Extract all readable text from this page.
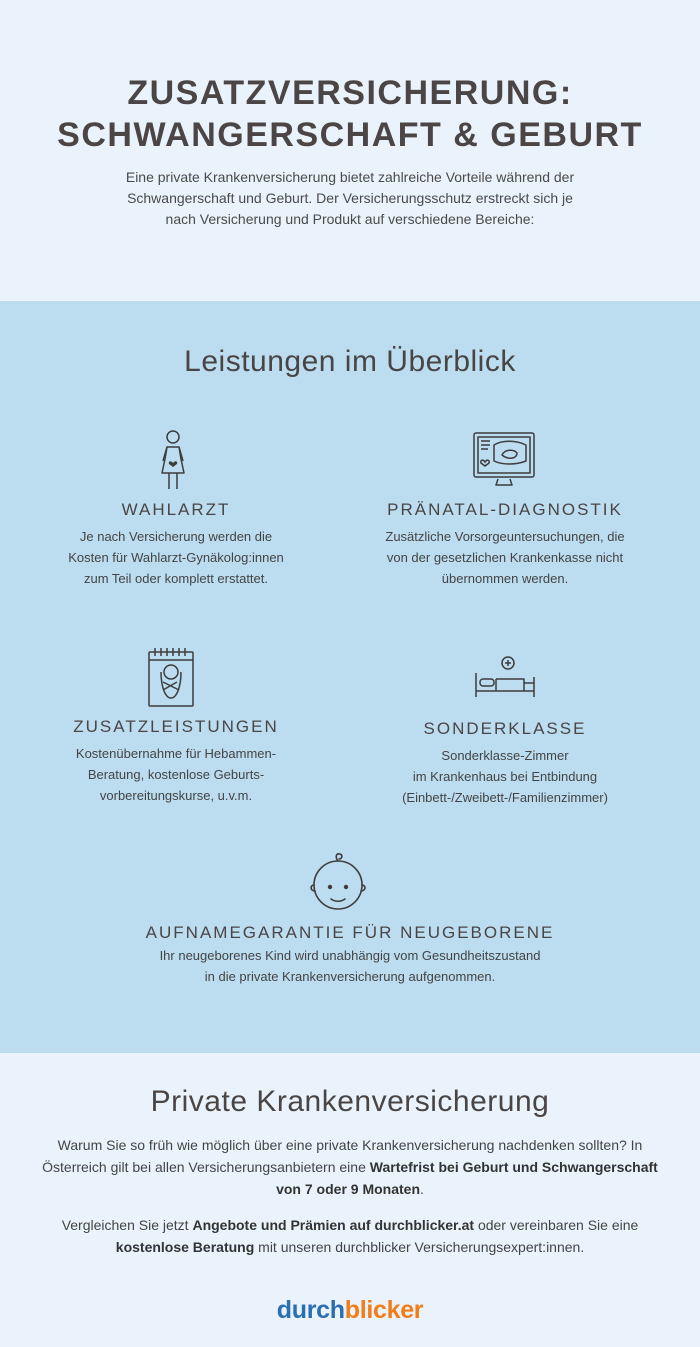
ZUSATZVERSICHERUNG:
SCHWANGERSCHAFT & GEBURT
Eine private Krankenversicherung bietet zahlreiche Vorteile während der Schwangerschaft und Geburt. Der Versicherungsschutz erstreckt sich je nach Versicherung und Produkt auf verschiedene Bereiche:
Leistungen im Überblick
WAHLARZT
Je nach Versicherung werden die
Kosten für Wahlarzt-Gynäkolog:innen
zum Teil oder komplett erstattet.
PRÄNATAL-DIAGNOSTIK
Zusätzliche Vorsorgeuntersuchungen, die
von der gesetzlichen Krankenkasse nicht
übernommen werden.
ZUSATZLEISTUNGEN
Kostenübernahme für Hebammen-
Beratung, kostenlose Geburts-
vorbereitungskurse, u.v.m.
SONDERKLASSE
Sonderklasse-Zimmer
im Krankenhaus bei Entbindung
(Einbett-/Zweibett-/Familienzimmer)
AUFNAMEGARANTIE FÜR NEUGEBORENE
Ihr neugeborenes Kind wird unabhängig vom Gesundheitszustand
in die private Krankenversicherung aufgenommen.
Private Krankenversicherung
Warum Sie so früh wie möglich über eine private Krankenversicherung nachdenken sollten? In Österreich gilt bei allen Versicherungsanbietern eine Wartefrist bei Geburt und Schwangerschaft von 7 oder 9 Monaten.
Vergleichen Sie jetzt Angebote und Prämien auf durchblicker.at oder vereinbaren Sie eine kostenlose Beratung mit unseren durchblicker Versicherungsexpert:innen.
durchblicker
